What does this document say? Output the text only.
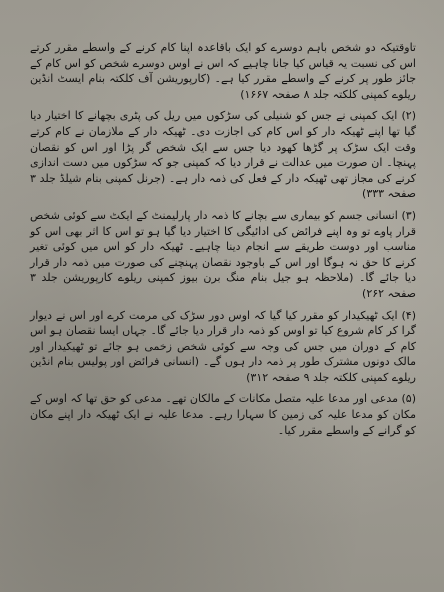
تاوقتیکہ دو شخص باہم دوسرے کو ایک باقاعدہ اپنا کام کرنے کے واسطے مقرر کرتے اس کی نسبت یہ قیاس کیا جانا چاہیے کہ اس نے اوس دوسرے شخص کو اس کام کے جائز طور پر کرنے کے واسطے مقرر کیا ہے۔ (کارپوریشن آف کلکتہ بنام ایسٹ انڈین ریلوے کمپنی کلکتہ جلد ۸ صفحہ ۱۶۶۷)

(۲) ایک کمپنی نے جس کو شنیلی کی سڑکوں میں ریل کی پٹری بچھانے کا اختیار دیا گیا تھا اپنے ٹھیکہ دار کو اس کام کی اجازت دی۔ ٹھیکہ دار کے ملازمان نے کام کرتے وقت ایک سڑک پر گڑھا کھود دیا جس سے ایک شخص گر پڑا اور اس کو نقصان پہنچا۔ ان صورت میں عدالت نے قرار دیا کہ کمپنی جو کہ سڑکوں میں دست اندازی کرنے کی مجاز تھی ٹھیکہ دار کے فعل کی ذمہ دار ہے۔ (جرنل کمپنی بنام شیلڈ جلد ۳ صفحہ ۳۳۳)

(۳) انسانی جسم کو بیماری سے بچانے کا ذمہ دار پارلیمنٹ کے ایکٹ سے کوئی شخص قرار پاوے تو وہ اپنے فرائض کی ادائیگی کا اختیار دیا گیا ہو تو اس کا اثر بھی اس کو مناسب اور دوست طریقے سے انجام دینا چاہیے۔ ٹھیکہ دار کو اس میں کوئی تغیر کرنے کا حق نہ ہوگا اور اس کے باوجود نقصان پہنچنے کی صورت میں ذمہ دار قرار دیا جائے گا۔ (ملاحظہ ہو جیل بنام منگ برن بیوز کمپنی ریلوے کارپوریشن جلد ۳ صفحہ ۲۶۲)

(۴) ایک ٹھیکیدار کو مقرر کیا گیا کہ اوس دور سڑک کی مرمت کرے اور اس نے دیوار گرا کر کام شروع کیا تو اوس کو ذمہ دار قرار دیا جائے گا۔ جہاں ایسا نقصان ہو اس کام کے دوران میں جس کی وجہ سے کوئی شخص زخمی ہو جائے تو ٹھیکیدار اور مالک دونوں مشترک طور پر ذمہ دار ہوں گے۔ (انسانی فرائض اور پولیس بنام انڈین ریلوے کمپنی کلکتہ جلد ۹ صفحہ ۳۱۲)

(۵) مدعی اور مدعا علیہ متصل مکانات کے مالکان تھے۔ مدعی کو حق تھا کہ اوس کے مکان کو مدعا علیہ کی زمین کا سہارا رہے۔ مدعا علیہ نے ایک ٹھیکہ دار اپنے مکان کو گرانے کے واسطے مقرر کیا۔
